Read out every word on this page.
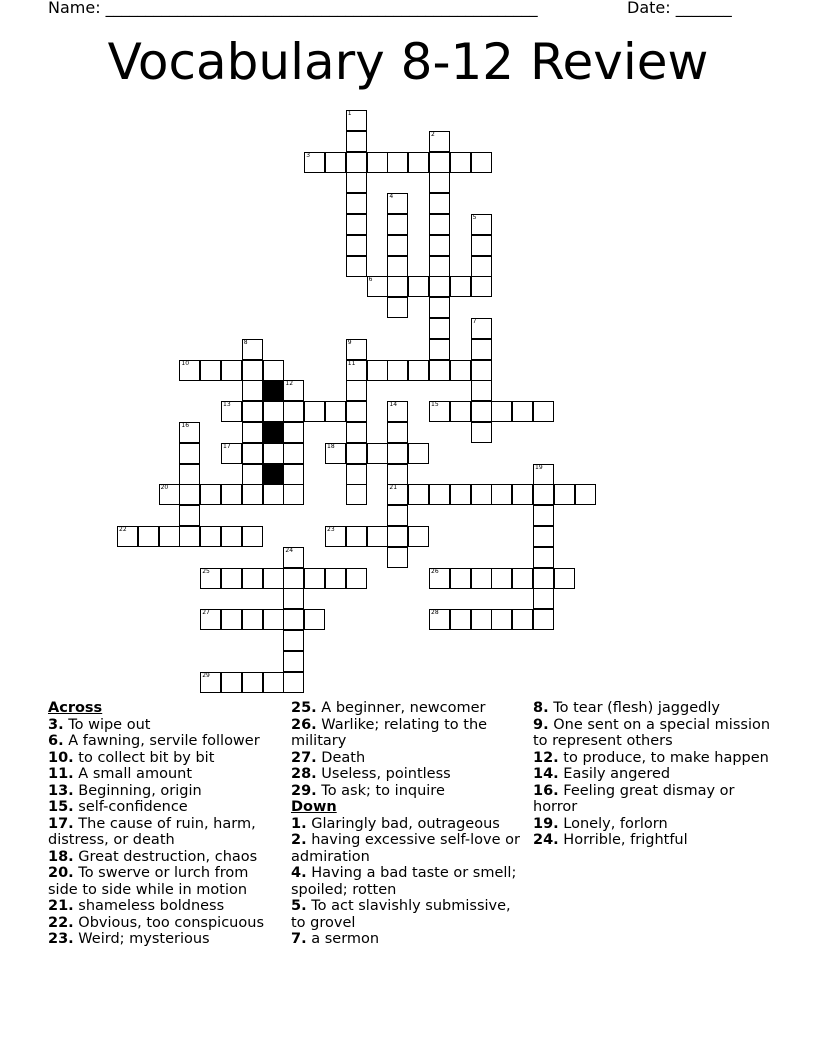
Name: ______________________________________________________	Date: _______
Vocabulary 8-12 Review
1
2
3
4
5
6
7
8	9
10	11
12
13	14	15
16
17	18
19
20	21
22	23
24
25	26
27	28
29

Across

3. To wipe out

6. A fawning, servile follower

10. to collect bit by bit

11. A small amount

13. Beginning, origin

15. self-confidence

17. The cause of ruin, harm, distress, or death

18. Great destruction, chaos

20. To swerve or lurch from side to side while in motion

21. shameless boldness

22. Obvious, too conspicuous

23. Weird; mysterious

25. A beginner, newcomer

26. Warlike; relating to the military

27. Death

28. Useless, pointless

29. To ask; to inquire

Down

1. Glaringly bad, outrageous

2. having excessive self-love or admiration

4. Having a bad taste or smell; spoiled; rotten

5. To act slavishly submissive, to grovel

7. a sermon

8. To tear (flesh) jaggedly

9. One sent on a special mission to represent others

12. to produce, to make happen

14. Easily angered

16. Feeling great dismay or horror

19. Lonely, forlorn

24. Horrible, frightful
